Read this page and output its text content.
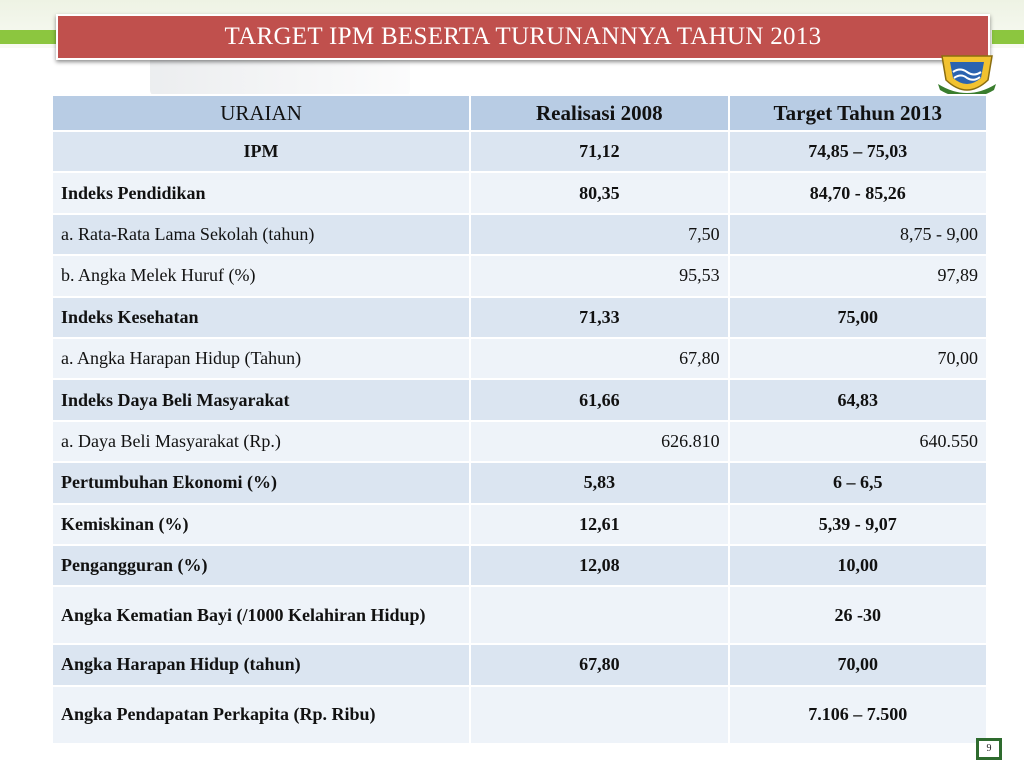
TARGET IPM BESERTA TURUNANNYA TAHUN 2013
URAIAN	Realisasi 2008	Target Tahun 2013
IPM	71,12	74,85 – 75,03
Indeks Pendidikan	80,35	84,70 - 85,26
a. Rata-Rata Lama Sekolah (tahun)	7,50	8,75 - 9,00
b. Angka Melek Huruf (%)	95,53	97,89
Indeks Kesehatan	71,33	75,00
a. Angka Harapan Hidup (Tahun)	67,80	70,00
Indeks Daya Beli Masyarakat	61,66	64,83
a. Daya Beli Masyarakat (Rp.)	626.810	640.550
Pertumbuhan Ekonomi (%)	5,83	6 – 6,5
Kemiskinan (%)	12,61	5,39 - 9,07
Pengangguran (%)	12,08	10,00
Angka Kematian Bayi (/1000 Kelahiran Hidup)		26 -30
Angka Harapan Hidup (tahun)	67,80	70,00
Angka Pendapatan Perkapita (Rp. Ribu)		7.106 – 7.500
9
